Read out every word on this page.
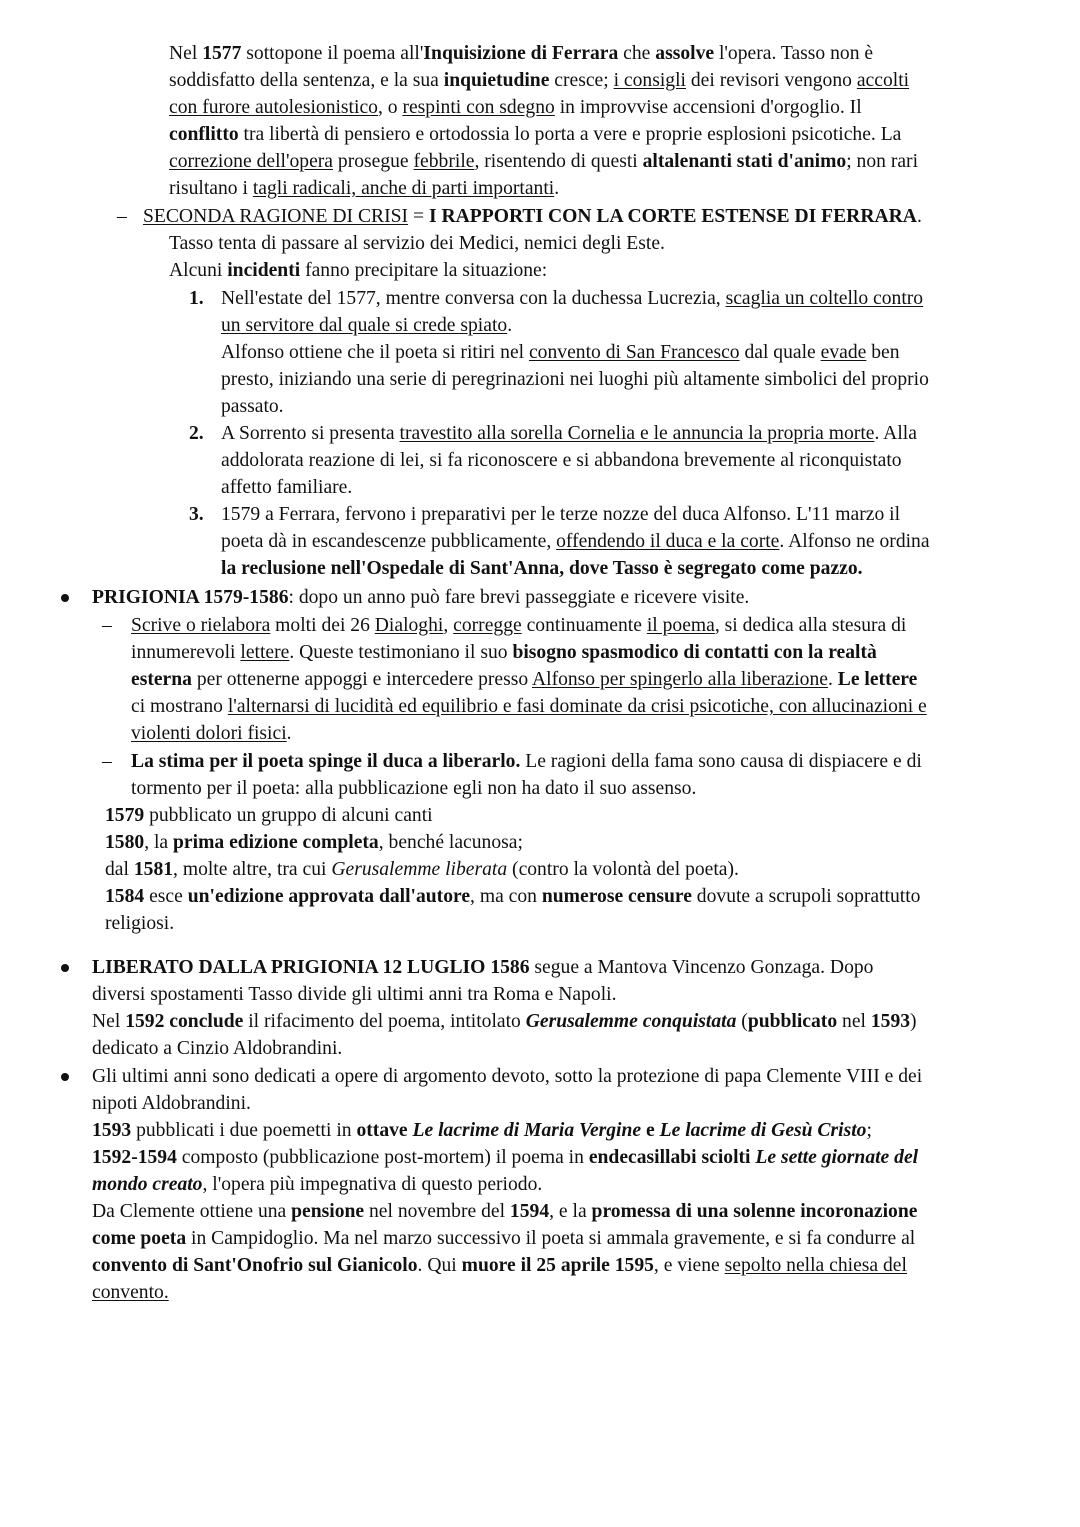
Nel 1577 sottopone il poema all'Inquisizione di Ferrara che assolve l'opera. Tasso non è
soddisfatto della sentenza, e la sua inquietudine cresce; i consigli dei revisori vengono accolti
con furore autolesionistico, o respinti con sdegno in improvvise accensioni d'orgoglio. Il
conflitto tra libertà di pensiero e ortodossia lo porta a vere e proprie esplosioni psicotiche. La
correzione dell'opera prosegue febbrile, risentendo di questi altalenanti stati d'animo; non rari
risultano i tagli radicali, anche di parti importanti.
– SECONDA RAGIONE DI CRISI = I RAPPORTI CON LA CORTE ESTENSE DI FERRARA.
Tasso tenta di passare al servizio dei Medici, nemici degli Este.
Alcuni incidenti fanno precipitare la situazione:
1. Nell'estate del 1577, mentre conversa con la duchessa Lucrezia, scaglia un coltello contro
un servitore dal quale si crede spiato.
Alfonso ottiene che il poeta si ritiri nel convento di San Francesco dal quale evade ben
presto, iniziando una serie di peregrinazioni nei luoghi più altamente simbolici del proprio
passato.
2. A Sorrento si presenta travestito alla sorella Cornelia e le annuncia la propria morte. Alla
addolorata reazione di lei, si fa riconoscere e si abbandona brevemente al riconquistato
affetto familiare.
3. 1579 a Ferrara, fervono i preparativi per le terze nozze del duca Alfonso. L'11 marzo il
poeta dà in escandescenze pubblicamente, offendendo il duca e la corte. Alfonso ne ordina
la reclusione nell'Ospedale di Sant'Anna, dove Tasso è segregato come pazzo.
PRIGIONIA 1579-1586: dopo un anno può fare brevi passeggiate e ricevere visite.
– Scrive o rielabora molti dei 26 Dialoghi, corregge continuamente il poema, si dedica alla stesura di
innumerevoli lettere. Queste testimoniano il suo bisogno spasmodico di contatti con la realtà
esterna per ottenerne appoggi e intercedere presso Alfonso per spingerlo alla liberazione. Le lettere
ci mostrano l'alternarsi di lucidità ed equilibrio e fasi dominate da crisi psicotiche, con allucinazioni e
violenti dolori fisici.
– La stima per il poeta spinge il duca a liberarlo. Le ragioni della fama sono causa di dispiacere e di
tormento per il poeta: alla pubblicazione egli non ha dato il suo assenso.
1579 pubblicato un gruppo di alcuni canti
1580, la prima edizione completa, benché lacunosa;
dal 1581, molte altre, tra cui Gerusalemme liberata (contro la volontà del poeta).
1584 esce un'edizione approvata dall'autore, ma con numerose censure dovute a scrupoli soprattutto
religiosi.
LIBERATO DALLA PRIGIONIA 12 LUGLIO 1586 segue a Mantova Vincenzo Gonzaga. Dopo
diversi spostamenti Tasso divide gli ultimi anni tra Roma e Napoli.
Nel 1592 conclude il rifacimento del poema, intitolato Gerusalemme conquistata (pubblicato nel 1593)
dedicato a Cinzio Aldobrandini.
Gli ultimi anni sono dedicati a opere di argomento devoto, sotto la protezione di papa Clemente VIII e dei
nipoti Aldobrandini.
1593 pubblicati i due poemetti in ottave Le lacrime di Maria Vergine e Le lacrime di Gesù Cristo;
1592-1594 composto (pubblicazione post-mortem) il poema in endecasillabi sciolti Le sette giornate del
mondo creato, l'opera più impegnativa di questo periodo.
Da Clemente ottiene una pensione nel novembre del 1594, e la promessa di una solenne incoronazione
come poeta in Campidoglio. Ma nel marzo successivo il poeta si ammala gravemente, e si fa condurre al
convento di Sant'Onofrio sul Gianicolo. Qui muore il 25 aprile 1595, e viene sepolto nella chiesa del
convento.
